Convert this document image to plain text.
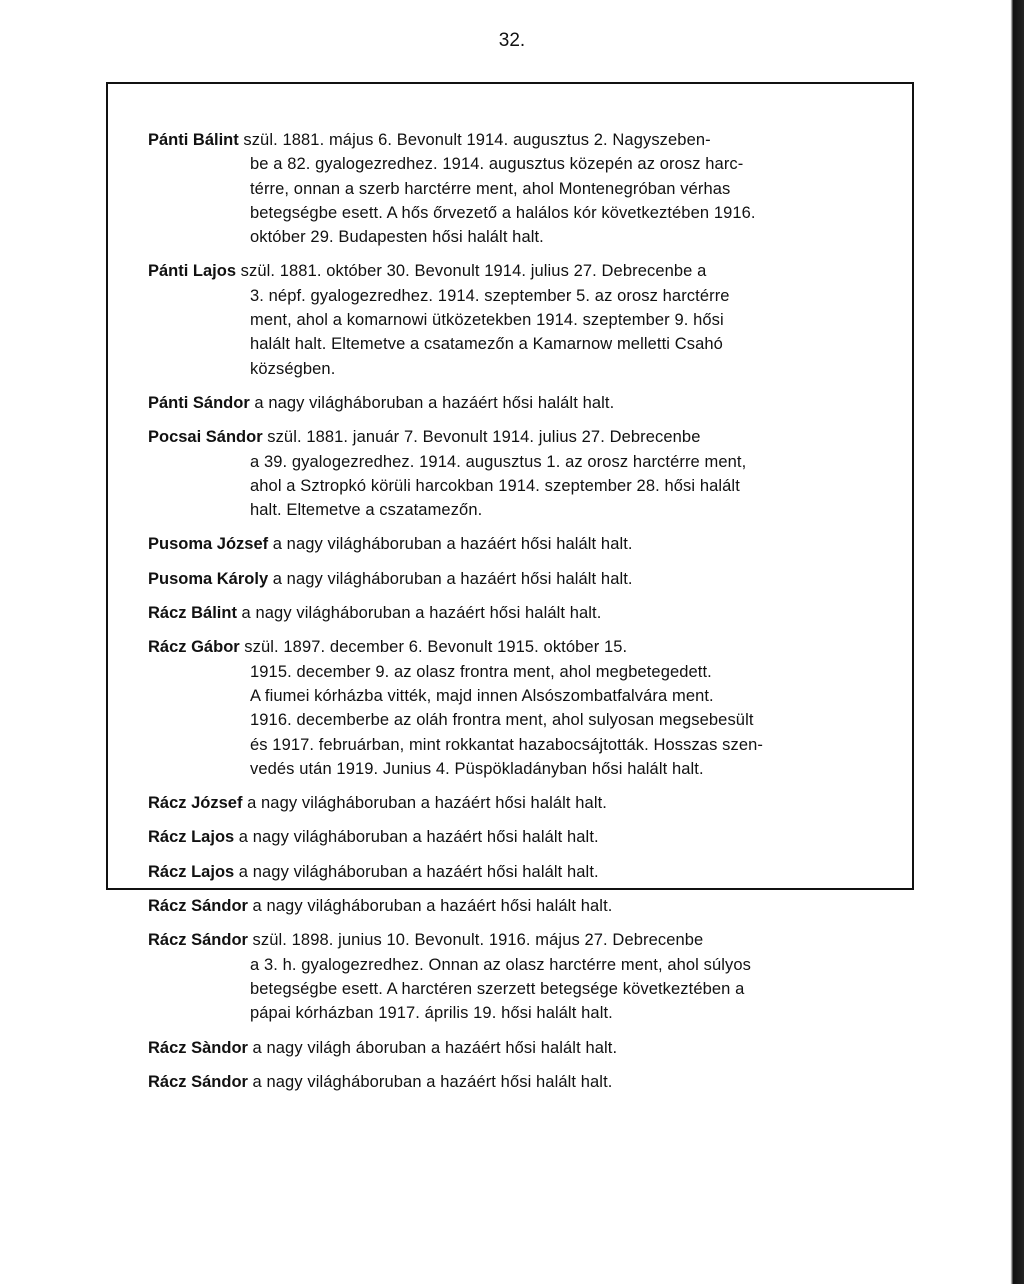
32.
Pánti Bálint szül. 1881. május 6. Bevonult 1914. augusztus 2. Nagyszeben-
be a 82. gyalogezredhez. 1914. augusztus közepén az orosz harc-
térre, onnan a szerb harctérre ment, ahol Montenegróban vérhas
betegségbe esett. A hős őrvezető a halálos kór következtében 1916.
október 29. Budapesten hősi halált halt.
Pánti Lajos szül. 1881. október 30. Bevonult 1914. julius 27. Debrecenbe a
3. népf. gyalogezredhez. 1914. szeptember 5. az orosz harctérre
ment, ahol a komarnowi ütközetekben 1914. szeptember 9. hősi
halált halt. Eltemetve a csatamezőn a Kamarnow melletti Csahó
községben.
Pánti Sándor a nagy világháboruban a hazáért hősi halált halt.
Pocsai Sándor szül. 1881. január 7. Bevonult 1914. julius 27. Debrecenbe
a 39. gyalogezredhez. 1914. augusztus 1. az orosz harctérre ment,
ahol a Sztropkó körüli harcokban 1914. szeptember 28. hősi halált
halt. Eltemetve a cszatamezőn.
Pusoma József a nagy világháboruban a hazáért hősi halált halt.
Pusoma Károly a nagy világháboruban a hazáért hősi halált halt.
Rácz Bálint a nagy világháboruban a hazáért hősi halált halt.
Rácz Gábor szül. 1897. december 6. Bevonult 1915. október 15.
1915. december 9. az olasz frontra ment, ahol megbetegedett.
A fiumei kórházba vitték, majd innen Alsószombatfalvára ment.
1916. decemberbe az oláh frontra ment, ahol sulyosan megsebesült
és 1917. februárban, mint rokkantat hazabocsájtották. Hosszas szen-
vedés után 1919. Junius 4. Püspökladányban hősi halált halt.
Rácz József a nagy világháboruban a hazáért hősi halált halt.
Rácz Lajos a nagy világháboruban a hazáért hősi halált halt.
Rácz Lajos a nagy világháboruban a hazáért hősi halált halt.
Rácz Sándor a nagy világháboruban a hazáért hősi halált halt.
Rácz Sándor szül. 1898. junius 10. Bevonult. 1916. május 27. Debrecenbe
a 3. h. gyalogezredhez. Onnan az olasz harctérre ment, ahol súlyos
betegségbe esett. A harctéren szerzett betegsége következtében a
pápai kórházban 1917. április 19. hősi halált halt.
Rácz Sàndor a nagy világh áboruban a hazáért hősi halált halt.
Rácz Sándor a nagy világháboruban a hazáért hősi halált halt.
